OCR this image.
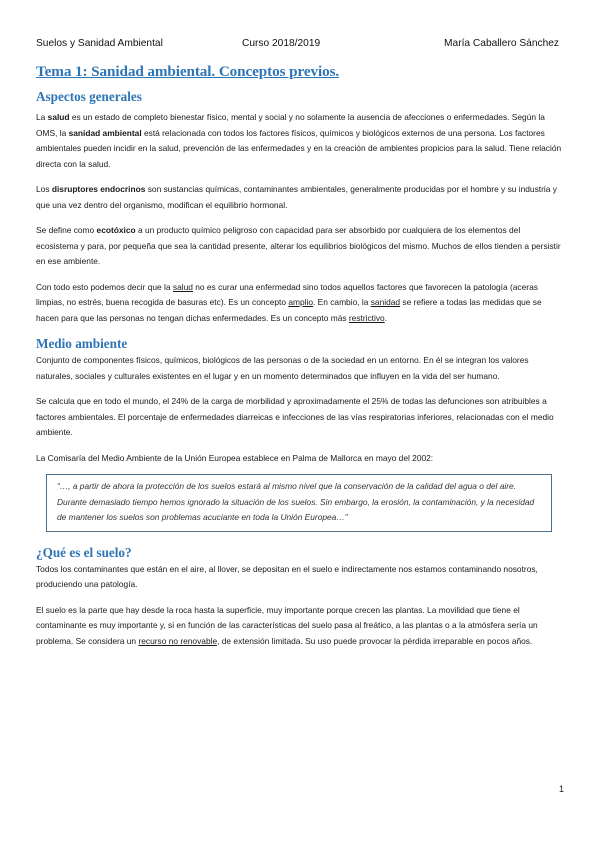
Suelos y Sanidad Ambiental	Curso 2018/2019	María Caballero Sánchez
Tema 1: Sanidad ambiental. Conceptos previos.
Aspectos generales

La salud es un estado de completo bienestar físico, mental y social y no solamente la ausencia de afecciones o enfermedades. Según la OMS, la sanidad ambiental está relacionada con todos los factores físicos, químicos y biológicos externos de una persona. Los factores ambientales pueden incidir en la salud, prevención de las enfermedades y en la creación de ambientes propicios para la salud. Tiene relación directa con la salud.

Los disruptores endocrinos son sustancias químicas, contaminantes ambientales, generalmente producidas por el hombre y su industria y que una vez dentro del organismo, modifican el equilibrio hormonal.

Se define como ecotóxico a un producto químico peligroso con capacidad para ser absorbido por cualquiera de los elementos del ecosistema y para, por pequeña que sea la cantidad presente, alterar los equilibrios biológicos del mismo. Muchos de ellos tienden a persistir en ese ambiente.

Con todo esto podemos decir que la salud no es curar una enfermedad sino todos aquellos factores que favorecen la patología (aceras limpias, no estrés, buena recogida de basuras etc). Es un concepto amplio. En cambio, la sanidad se refiere a todas las medidas que se hacen para que las personas no tengan dichas enfermedades. Es un concepto más restrictivo.

Medio ambiente

Conjunto de componentes físicos, químicos, biológicos de las personas o de la sociedad en un entorno. En él se integran los valores naturales, sociales y culturales existentes en el lugar y en un momento determinados que influyen en la vida del ser humano.

Se calcula que en todo el mundo, el 24% de la carga de morbilidad y aproximadamente el 25% de todas las defunciones son atribuibles a factores ambientales. El porcentaje de enfermedades diarreicas e infecciones de las vías respiratorias inferiores, relacionadas con el medio ambiente.

La Comisaría del Medio Ambiente de la Unión Europea establece en Palma de Mallorca en mayo del 2002:

“…, a partir de ahora la protección de los suelos estará al mismo nivel que la conservación de la calidad del agua o del aire. Durante demasiado tiempo hemos ignorado la situación de los suelos. Sin embargo, la erosión, la contaminación, y la necesidad de mantener los suelos son problemas acuciante en toda la Unión Europea…”
¿Qué es el suelo?

Todos los contaminantes que están en el aire, al llover, se depositan en el suelo e indirectamente nos estamos contaminando nosotros, produciendo una patología.

El suelo es la parte que hay desde la roca hasta la superficie, muy importante porque crecen las plantas. La movilidad que tiene el contaminante es muy importante y, si en función de las características del suelo pasa al freático, a las plantas o a la atmósfera sería un problema. Se considera un recurso no renovable, de extensión limitada. Su uso puede provocar la pérdida irreparable en pocos años.

1
